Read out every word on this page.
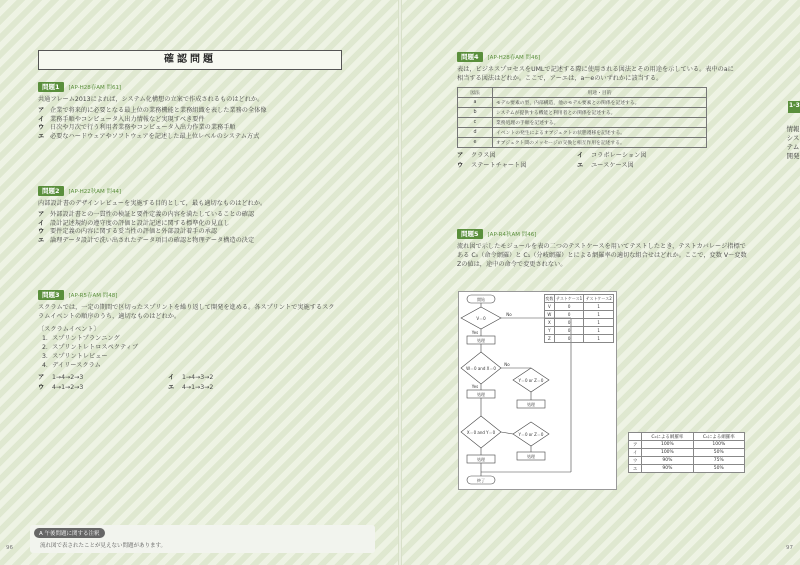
確認問題
問題1	[AP-H28春AM 問61]
共通フレーム2013によれば，システム化構想の立案で作成されるものはどれか。
ア 企業で将来的に必要となる最上位の業務機能と業務組織を表した業務の全体像
イ 業務手順やコンピュータ入出力情報など実現すべき要件
ウ 日次や月次で行う利用者業務やコンピュータ入出力作業の業務手順
エ 必要なハードウェアやソフトウェアを記述した最上位レベルのシステム方式
問題2	[AP-H22秋AM 問44]
内部設計書のデザインレビューを実施する目的として，最も適切なものはどれか。
ア 外部設計書との一貫性の検証と要件定義の内容を満たしていることの確認
イ 設計記述規約の遵守度の評価と設計記述に関する標準化の見直し
ウ 要件定義の内容に関する妥当性の評価と外部設計着手の承認
エ 論理データ設計で洗い出されたデータ項目の確認と物理データ構造の決定
問題3	[AP-R5春AM 問48]
スクラムでは，一定の期間で区切ったスプリントを繰り返して開発を進める。各スプリントで実施するスクラムイベントの順序のうち，適切なものはどれか。
〔スクラムイベント〕
1．スプリントプランニング
2．スプリントレトロスペクティブ
3．スプリントレビュー
4．デイリースクラム
ア	1→4→2→3	イ	1→4→3→2
ウ	4→1→2→3	エ	4→1→3→2
A 午後問題に関する注釈
流れ図で表されたことが見えない問題があります。
96
問題4	[AP-H28春AM 問46]
表は，ビジネスプロセスをUMLで記述する際に使用される図法とその用途を示している。表中のaに相当する図法はどれか。ここで，アーエは，a〜eのいずれかに該当する。
図法	用途・目的
a	モデル要素の型，内部構造，他のモデル要素との関係を記述する。
b	システムが提供する機能と利用者との関係を記述する。
c	業務処理の手順を記述する。
d	イベントの発生によるオブジェクトの状態遷移を記述する。
e	オブジェクト間のメッセージの交換と相互作用を記述する。
ア	クラス図	イ	コラボレーション図
ウ	ステートチャート図	エ	ユースケース図
問題5	[AP-R4秋AM 問46]
流れ図で示したモジュールを表の二つのテストケースを用いてテストしたとき，テストカバレージ指標である C₀（命令網羅）と C₁（分岐網羅）とによる網羅率の適切な組合せはどれか。ここで，変数 V〜変数Zの値は，途中の命令で変更されない。
1-3
情報システム開発
97
開始
V＝0
処理
W＝0 and X＝0
処理
Y＝0 or Z＝0
処理
X＝0 and Y＝0	Y＝0 or Z＝0
処理
処理
終了
No
Yes
No
Yes
変数	テストケース1	テストケース2
V	0	1
W	0	1
X	0	1
Y	0	1
Z	0	1
	C₀による網羅率	C₁による網羅率
ア	100%	100%
イ	100%	50%
ウ	90%	75%
エ	90%	50%
